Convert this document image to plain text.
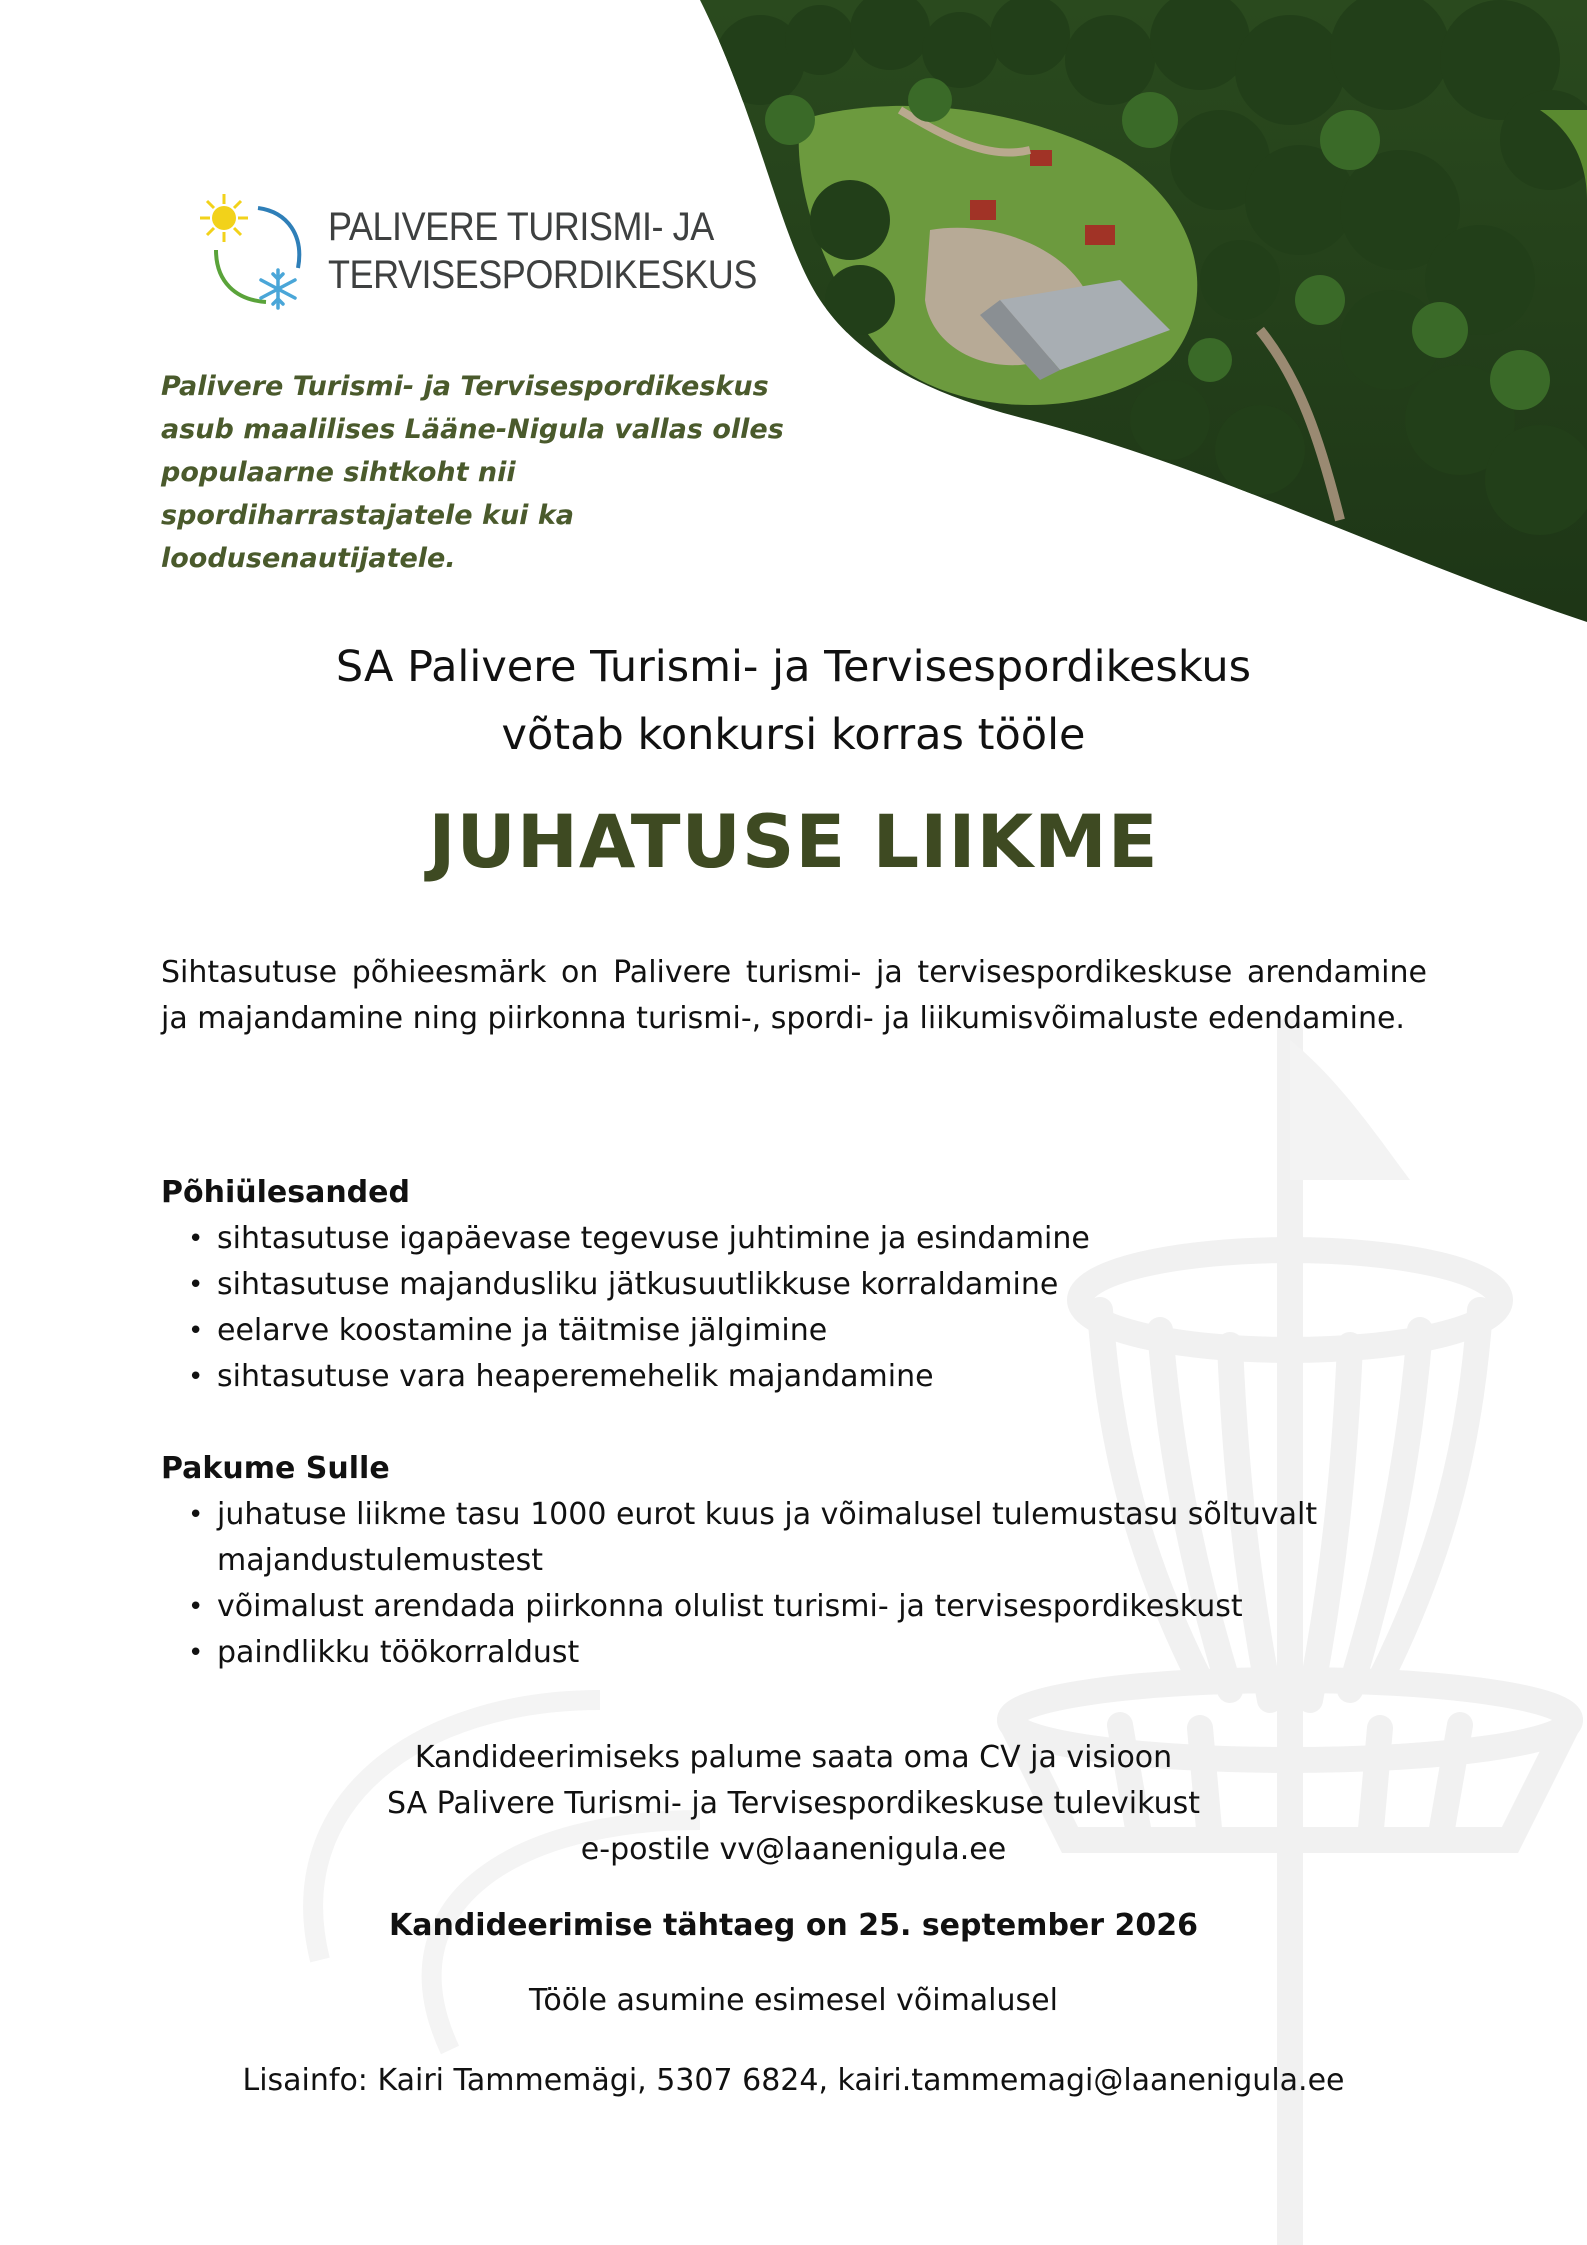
PALIVERE TURISMI- JA
TERVISESPORDIKESKUS
Palivere Turismi- ja Tervisespordikeskus asub maalilises Lääne-Nigula vallas olles populaarne sihtkoht nii spordiharrastajatele kui ka loodusenautijatele.
SA Palivere Turismi- ja Tervisespordikeskus
võtab konkursi korras tööle
JUHATUSE LIIKME
Sihtasutuse põhieesmärk on Palivere turismi- ja tervisespordikeskuse arendamine ja majandamine ning piirkonna turismi-, spordi- ja liikumisvõimaluste edendamine.
Põhiülesanded
• sihtasutuse igapäevase tegevuse juhtimine ja esindamine
• sihtasutuse majandusliku jätkusuutlikkuse korraldamine
• eelarve koostamine ja täitmise jälgimine
• sihtasutuse vara heaperemehelik majandamine
Pakume Sulle
• juhatuse liikme tasu 1000 eurot kuus ja võimalusel tulemustasu sõltuvalt majandustulemustest
• võimalust arendada piirkonna olulist turismi- ja tervisespordikeskust
• paindlikku töökorraldust
Kandideerimiseks palume saata oma CV ja visioon
SA Palivere Turismi- ja Tervisespordikeskuse tulevikust
e-postile vv@laanenigula.ee
Kandideerimise tähtaeg on 25. september 2026
Tööle asumine esimesel võimalusel
Lisainfo: Kairi Tammemägi, 5307 6824, kairi.tammemagi@laanenigula.ee
